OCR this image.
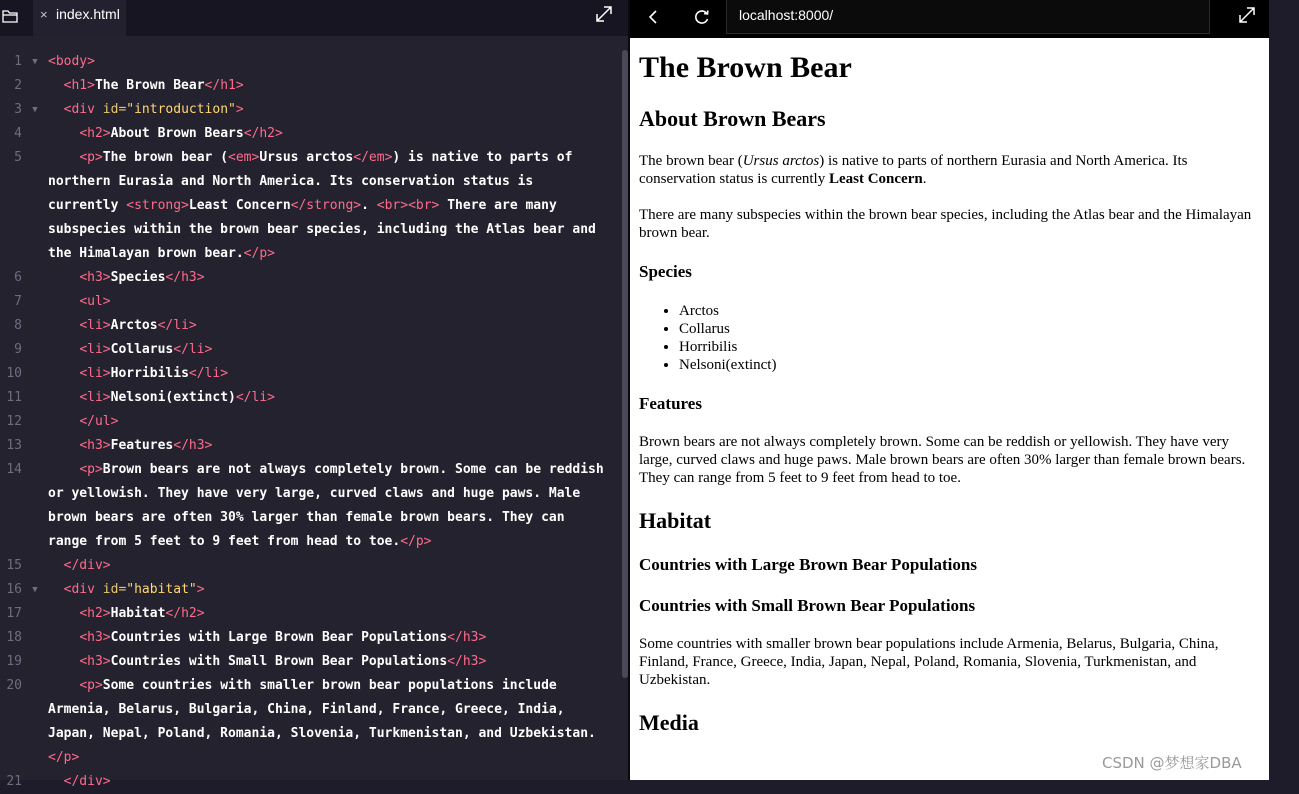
× index.html
1	▼ <body>
2	<h1>The Brown Bear</h1>
3	▼	<div id="introduction">
4	<h2>About Brown Bears</h2>
5	<p>The brown bear (<em>Ursus arctos</em>) is native to parts of northern Eurasia and North America. Its conservation status is currently <strong>Least Concern</strong>. <br><br> There are many subspecies within the brown bear species, including the Atlas bear and the Himalayan brown bear.</p>
6	<h3>Species</h3>
7	<ul>
8	<li>Arctos</li>
9	<li>Collarus</li>
10	<li>Horribilis</li>
11	<li>Nelsoni(extinct)</li>
12	</ul>
13	<h3>Features</h3>
14	<p>Brown bears are not always completely brown. Some can be reddish or yellowish. They have very large, curved claws and huge paws. Male brown bears are often 30% larger than female brown bears. They can range from 5 feet to 9 feet from head to toe.</p>
15	</div>
16	▼	<div id="habitat">
17	<h2>Habitat</h2>
18	<h3>Countries with Large Brown Bear Populations</h3>
19	<h3>Countries with Small Brown Bear Populations</h3>
20	<p>Some countries with smaller brown bear populations include Armenia, Belarus, Bulgaria, China, Finland, France, Greece, India, Japan, Nepal, Poland, Romania, Slovenia, Turkmenistan, and Uzbekistan.</p>
21	</div>
localhost:8000/
The Brown Bear
About Brown Bears

The brown bear (Ursus arctos) is native to parts of northern Eurasia and North America. Its conservation status is currently Least Concern.

There are many subspecies within the brown bear species, including the Atlas bear and the Himalayan brown bear.

Species
• Arctos
• Collarus
• Horribilis
• Nelsoni(extinct)
Features

Brown bears are not always completely brown. Some can be reddish or yellowish. They have very large, curved claws and huge paws. Male brown bears are often 30% larger than female brown bears. They can range from 5 feet to 9 feet from head to toe.

Habitat
Countries with Large Brown Bear Populations
Countries with Small Brown Bear Populations

Some countries with smaller brown bear populations include Armenia, Belarus, Bulgaria, China, Finland, France, Greece, India, Japan, Nepal, Poland, Romania, Slovenia, Turkmenistan, and Uzbekistan.

Media
CSDN @梦想家DBA
